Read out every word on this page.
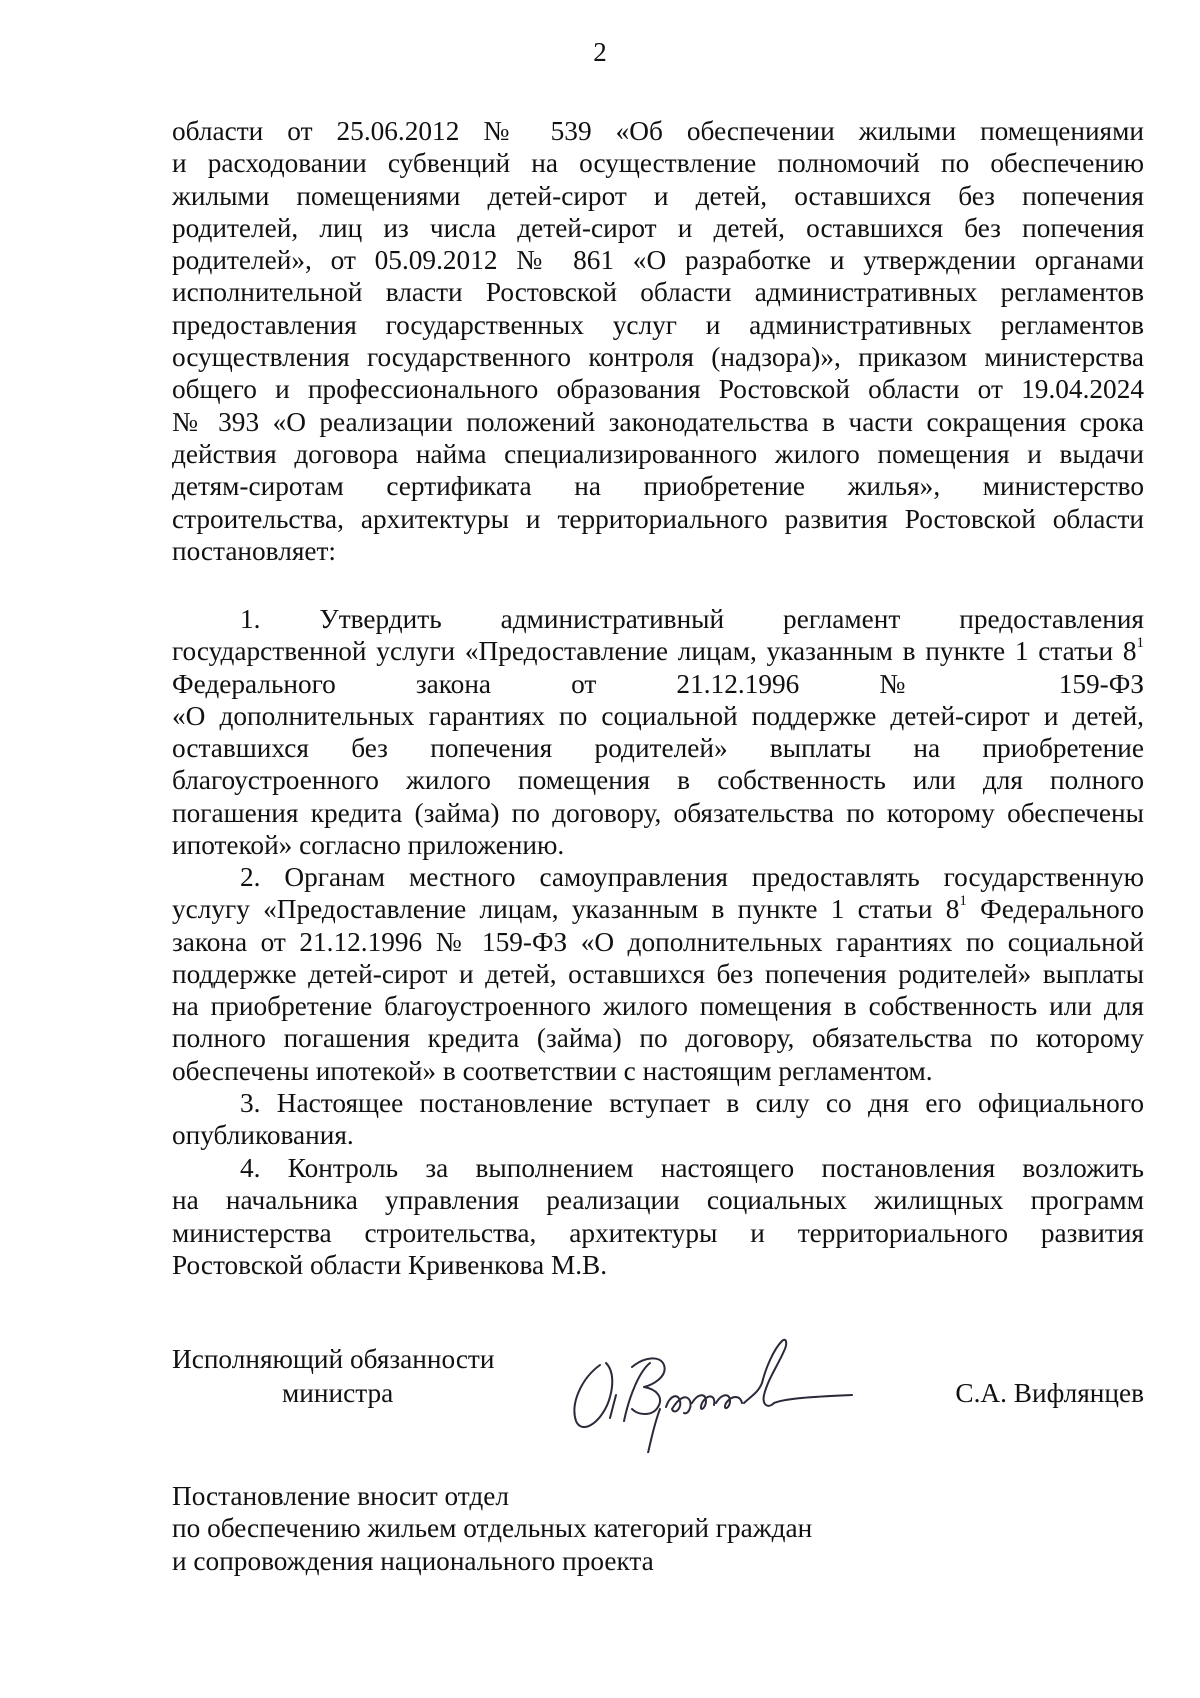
2
области от 25.06.2012 № 539 «Об обеспечении жилыми помещениями
и расходовании субвенций на осуществление полномочий по обеспечению
жилыми помещениями детей-сирот и детей, оставшихся без попечения
родителей, лиц из числа детей-сирот и детей, оставшихся без попечения
родителей», от 05.09.2012 № 861 «О разработке и утверждении органами
исполнительной власти Ростовской области административных регламентов
предоставления государственных услуг и административных регламентов
осуществления государственного контроля (надзора)», приказом министерства
общего и профессионального образования Ростовской области от 19.04.2024
№ 393 «О реализации положений законодательства в части сокращения срока
действия договора найма специализированного жилого помещения и выдачи
детям-сиротам сертификата на приобретение жилья», министерство
строительства, архитектуры и территориального развития Ростовской области
постановляет:
1. Утвердить административный регламент предоставления
государственной услуги «Предоставление лицам, указанным в пункте 1 статьи $8^1$
Федерального закона от 21.12.1996 № 159-ФЗ
«О дополнительных гарантиях по социальной поддержке детей-сирот и детей,
оставшихся без попечения родителей» выплаты на приобретение
благоустроенного жилого помещения в собственность или для полного
погашения кредита (займа) по договору, обязательства по которому обеспечены
ипотекой» согласно приложению.
2. Органам местного самоуправления предоставлять государственную
услугу «Предоставление лицам, указанным в пункте 1 статьи $8^1$ Федерального
закона от 21.12.1996 № 159-ФЗ «О дополнительных гарантиях по социальной
поддержке детей-сирот и детей, оставшихся без попечения родителей» выплаты
на приобретение благоустроенного жилого помещения в собственность или для
полного погашения кредита (займа) по договору, обязательства по которому
обеспечены ипотекой» в соответствии с настоящим регламентом.
3. Настоящее постановление вступает в силу со дня его официального
опубликования.
4. Контроль за выполнением настоящего постановления возложить
на начальника управления реализации социальных жилищных программ
министерства строительства, архитектуры и территориального развития
Ростовской области Кривенкова М.В.
Исполняющий обязанности
министра	С.А. Вифлянцев
Постановление вносит отдел
по обеспечению жильем отдельных категорий граждан
и сопровождения национального проекта
